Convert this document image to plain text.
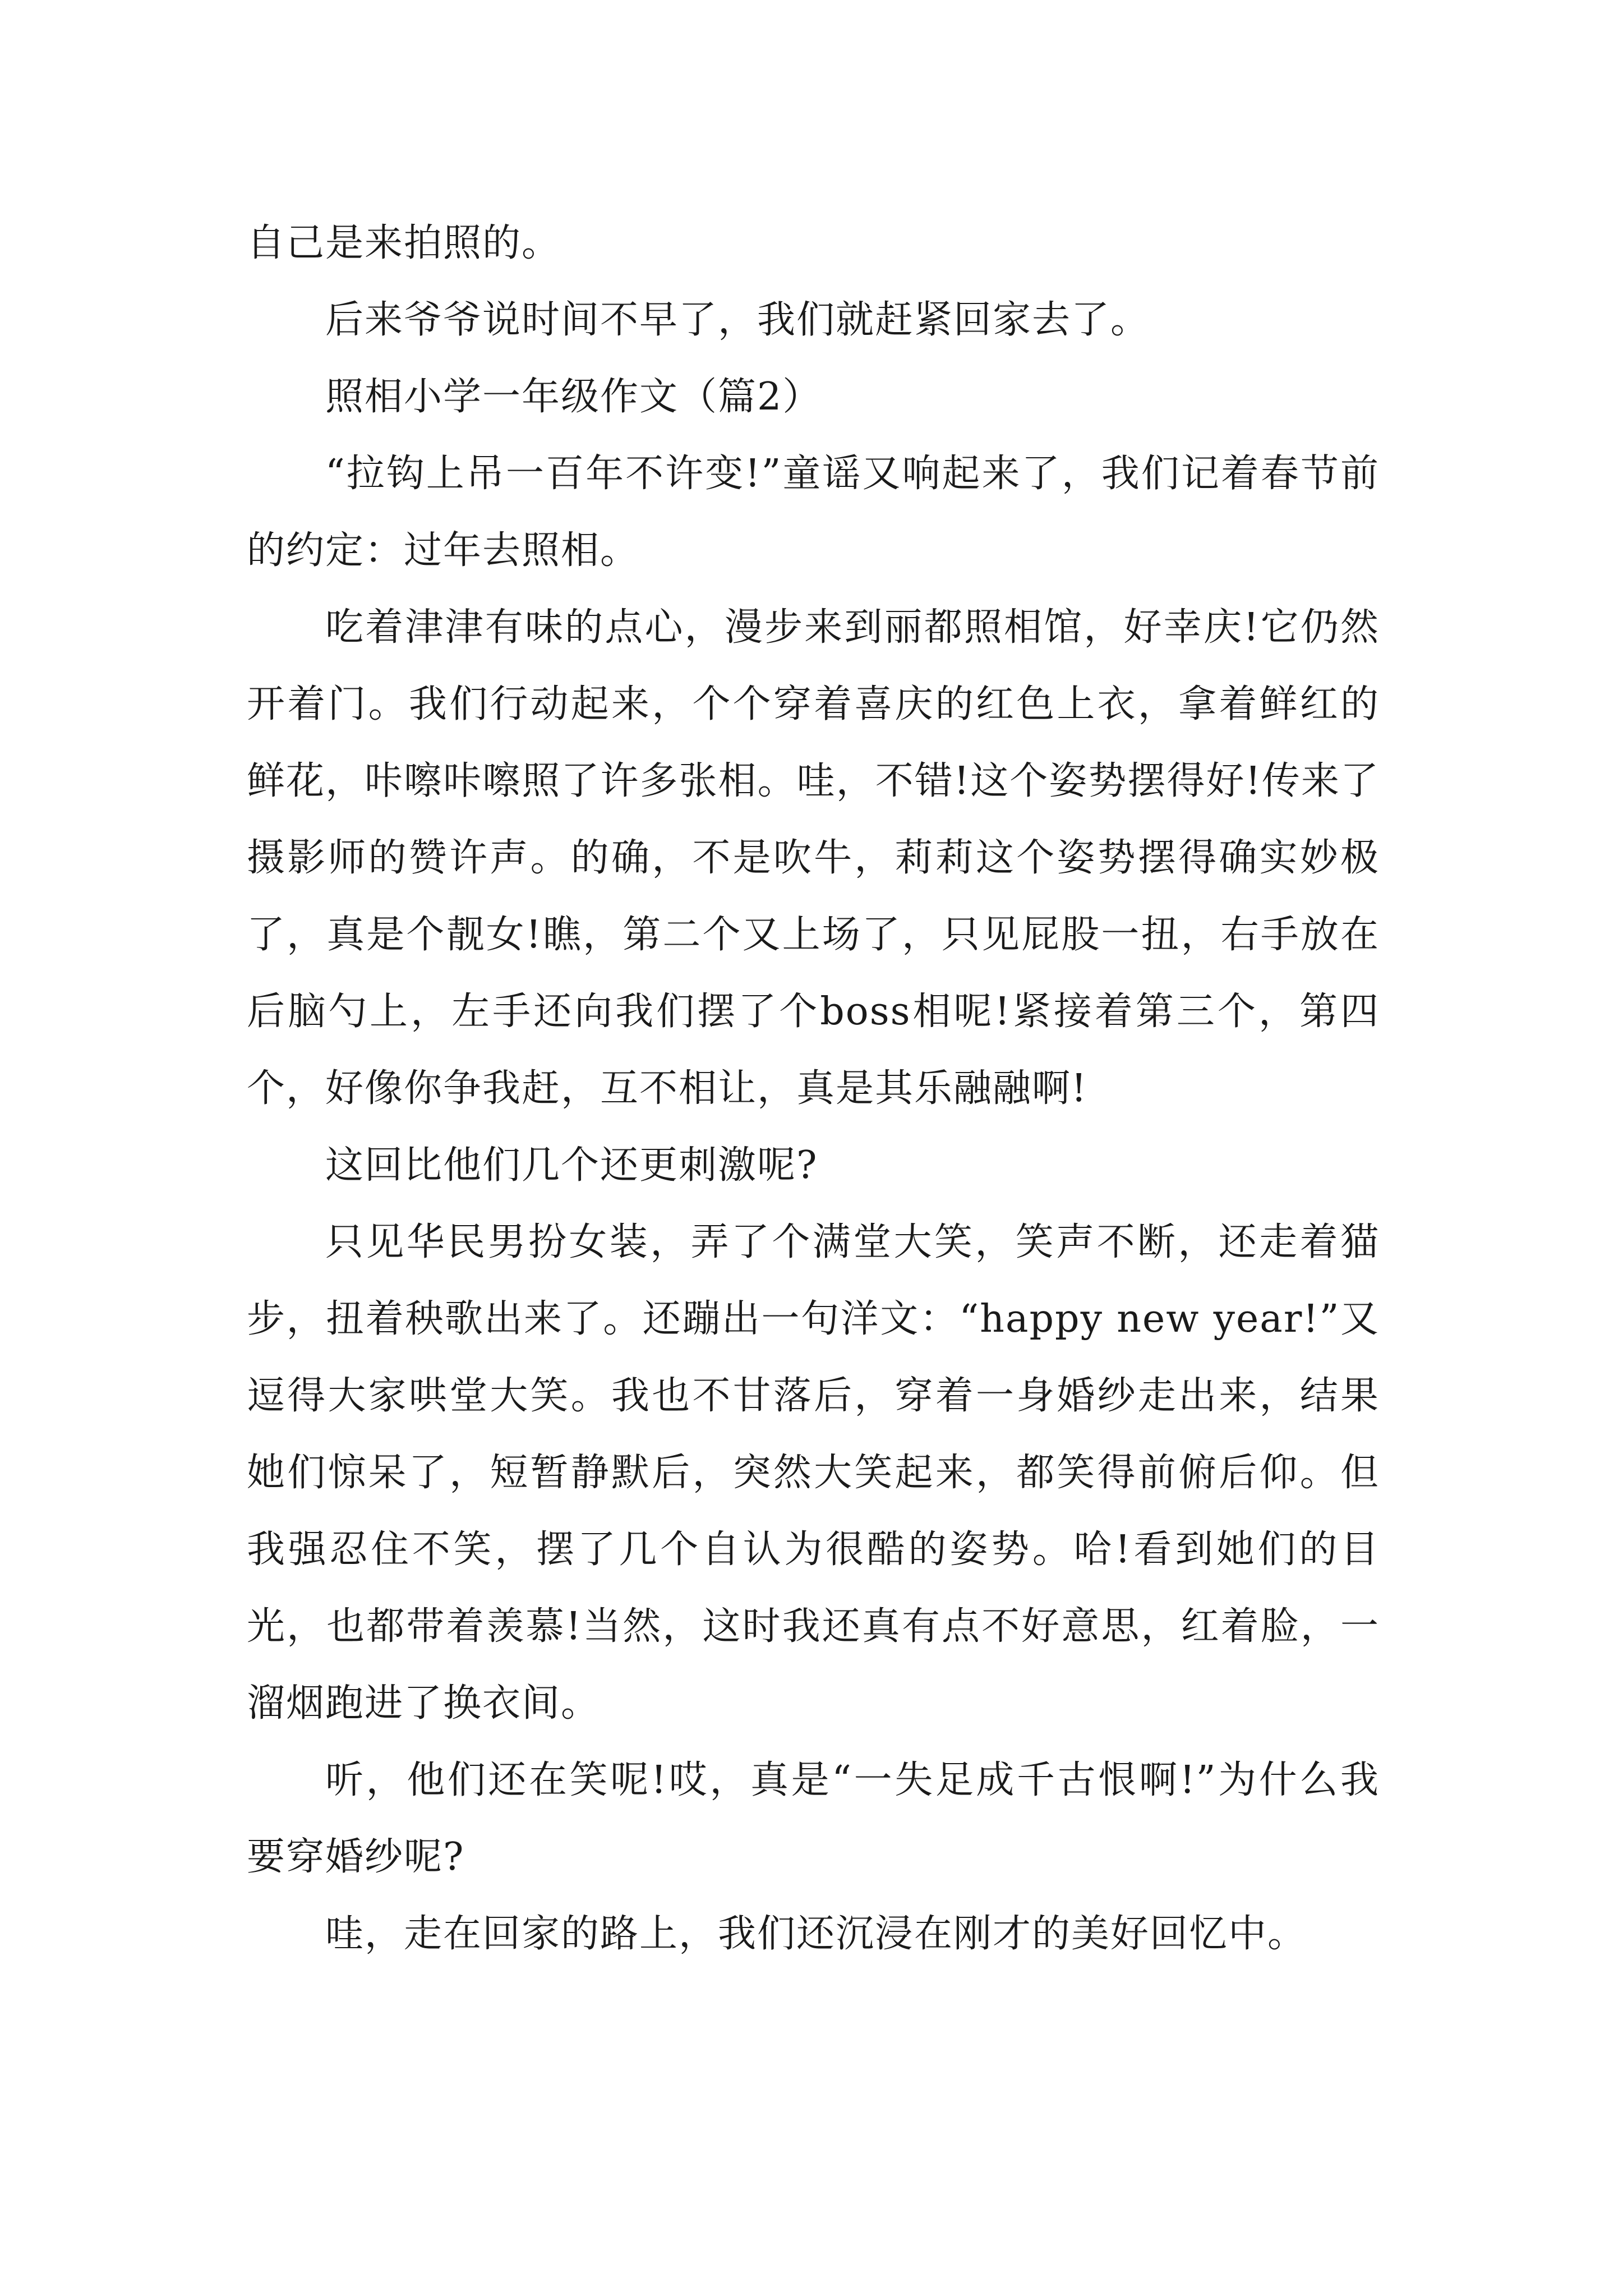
自己是来拍照的。

后来爷爷说时间不早了，我们就赶紧回家去了。

照相小学一年级作文（篇2）

“拉钩上吊一百年不许变!”童谣又响起来了，我们记着春节前的约定：过年去照相。

吃着津津有味的点心，漫步来到丽都照相馆，好幸庆!它仍然开着门。我们行动起来，个个穿着喜庆的红色上衣，拿着鲜红的鲜花，咔嚓咔嚓照了许多张相。哇，不错!这个姿势摆得好!传来了摄影师的赞许声。的确，不是吹牛，莉莉这个姿势摆得确实妙极了，真是个靓女!瞧，第二个又上场了，只见屁股一扭，右手放在后脑勺上，左手还向我们摆了个boss相呢!紧接着第三个，第四个，好像你争我赶，互不相让，真是其乐融融啊!

这回比他们几个还更刺激呢?

只见华民男扮女装，弄了个满堂大笑，笑声不断，还走着猫步，扭着秧歌出来了。还蹦出一句洋文：“happy new year!”又逗得大家哄堂大笑。我也不甘落后，穿着一身婚纱走出来，结果她们惊呆了，短暂静默后，突然大笑起来，都笑得前俯后仰。但我强忍住不笑，摆了几个自认为很酷的姿势。哈!看到她们的目光，也都带着羡慕!当然，这时我还真有点不好意思，红着脸，一溜烟跑进了换衣间。

听，他们还在笑呢!哎，真是“一失足成千古恨啊!”为什么我要穿婚纱呢?

哇，走在回家的路上，我们还沉浸在刚才的美好回忆中。
